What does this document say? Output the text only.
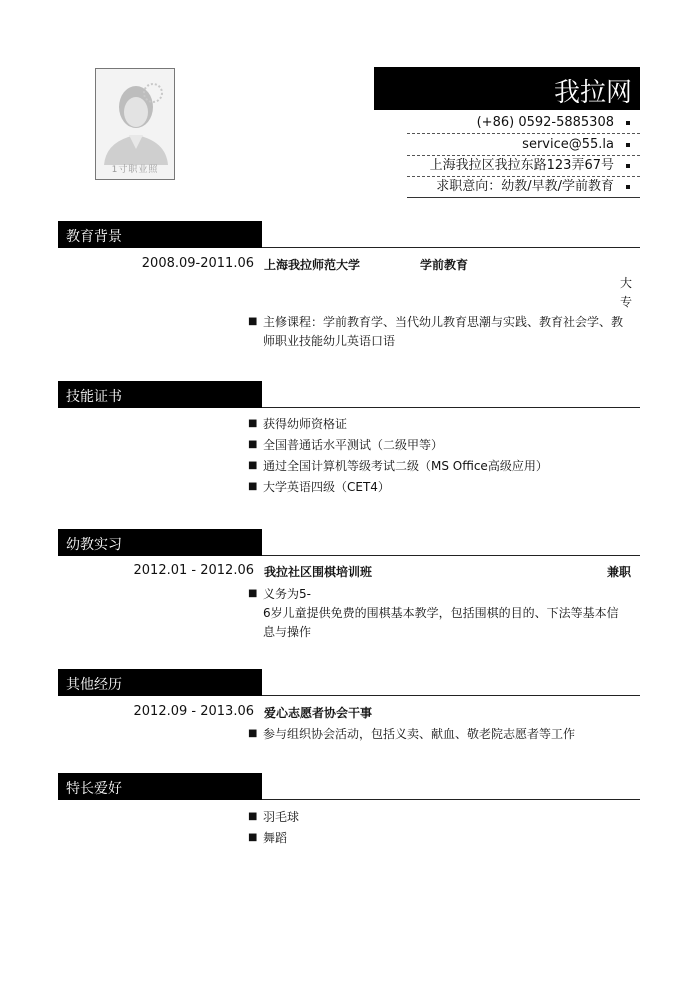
1寸职业照
我拉网
(+86) 0592-5885308
service@55.la
上海我拉区我拉东路123弄67号
求职意向：幼教/早教/学前教育
教育背景
2008.09-2011.06 上海我拉师范大学	学前教育
大
专
■ 主修课程：学前教育学、当代幼儿教育思潮与实践、教育社会学、教
师职业技能幼儿英语口语
技能证书
■ 获得幼师资格证
■ 全国普通话水平测试（二级甲等）
■ 通过全国计算机等级考试二级（MS Office高级应用）
■ 大学英语四级（CET4）
幼教实习
2012.01 - 2012.06 我拉社区围棋培训班	兼职
■ 义务为5-
6岁儿童提供免费的围棋基本教学，包括围棋的目的、下法等基本信
息与操作
其他经历
2012.09 - 2013.06 爱心志愿者协会干事
■ 参与组织协会活动，包括义卖、献血、敬老院志愿者等工作
特长爱好
■ 羽毛球
■ 舞蹈
